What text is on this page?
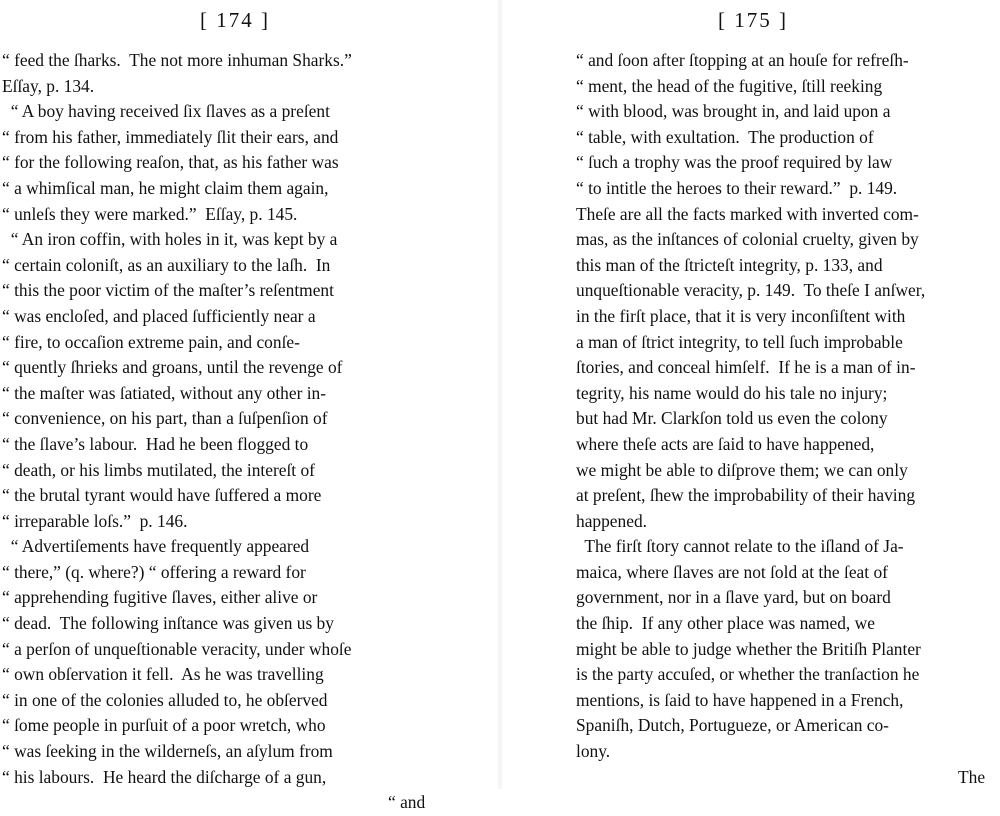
[ 174 ]
“ feed the ſharks.  The not more inhuman Sharks.”
Eſſay, p. 134.
“ A boy having received ſix ſlaves as a preſent
“ from his father, immediately ſlit their ears, and
“ for the following reaſon, that, as his father was
“ a whimſical man, he might claim them again,
“ unleſs they were marked.”  Eſſay, p. 145.
“ An iron coffin, with holes in it, was kept by a
“ certain coloniſt, as an auxiliary to the laſh.  In
“ this the poor victim of the maſter’s reſentment
“ was encloſed, and placed ſufficiently near a
“ fire, to occaſion extreme pain, and conſe-
“ quently ſhrieks and groans, until the revenge of
“ the maſter was ſatiated, without any other in-
“ convenience, on his part, than a ſuſpenſion of
“ the ſlave’s labour.  Had he been flogged to
“ death, or his limbs mutilated, the intereſt of
“ the brutal tyrant would have ſuffered a more
“ irreparable loſs.”  p. 146.
“ Advertiſements have frequently appeared
“ there,” (q. where?) “ offering a reward for
“ apprehending fugitive ſlaves, either alive or
“ dead.  The following inſtance was given us by
“ a perſon of unqueſtionable veracity, under whoſe
“ own obſervation it fell.  As he was travelling
“ in one of the colonies alluded to, he obſerved
“ ſome people in purſuit of a poor wretch, who
“ was ſeeking in the wilderneſs, an aſylum from
“ his labours.  He heard the diſcharge of a gun,
“ and
[ 175 ]
“ and ſoon after ſtopping at an houſe for refreſh-
“ ment, the head of the fugitive, ſtill reeking
“ with blood, was brought in, and laid upon a
“ table, with exultation.  The production of
“ ſuch a trophy was the proof required by law
“ to intitle the heroes to their reward.”  p. 149.
Theſe are all the facts marked with inverted com-
mas, as the inſtances of colonial cruelty, given by
this man of the ſtricteſt integrity, p. 133, and
unqueſtionable veracity, p. 149.  To theſe I anſwer,
in the firſt place, that it is very inconſiſtent with
a man of ſtrict integrity, to tell ſuch improbable
ſtories, and conceal himſelf.  If he is a man of in-
tegrity, his name would do his tale no injury;
but had Mr. Clarkſon told us even the colony
where theſe acts are ſaid to have happened,
we might be able to diſprove them; we can only
at preſent, ſhew the improbability of their having
happened.
The firſt ſtory cannot relate to the iſland of Ja-
maica, where ſlaves are not ſold at the ſeat of
government, nor in a ſlave yard, but on board
the ſhip.  If any other place was named, we
might be able to judge whether the Britiſh Planter
is the party accuſed, or whether the tranſaction he
mentions, is ſaid to have happened in a French,
Spaniſh, Dutch, Portugueze, or American co-
lony.
The
